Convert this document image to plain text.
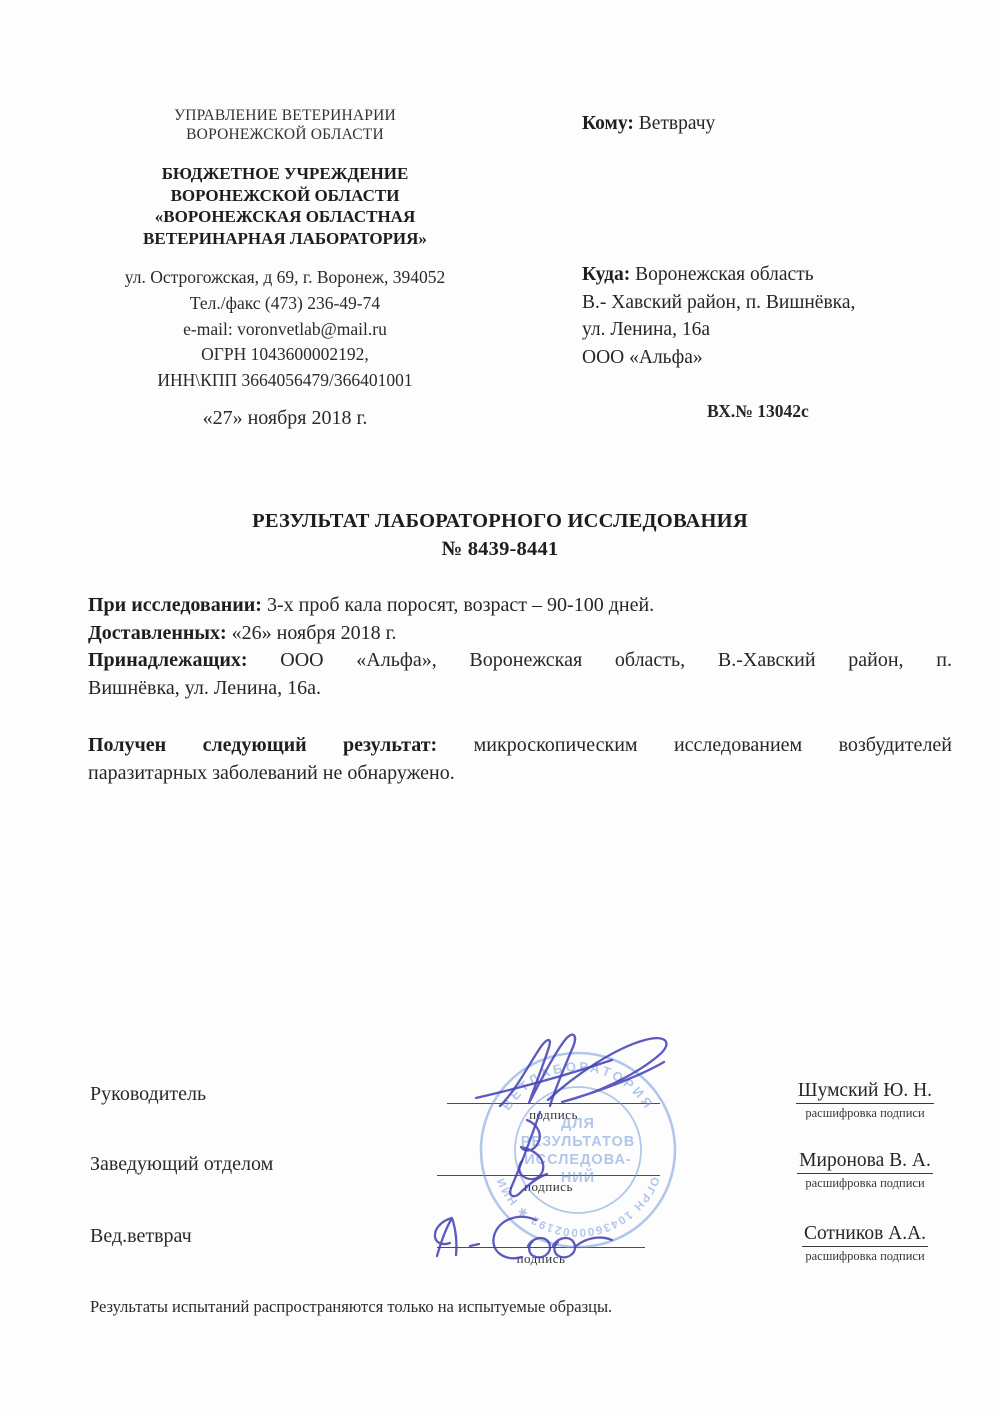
УПРАВЛЕНИЕ ВЕТЕРИНАРИИ
ВОРОНЕЖСКОЙ ОБЛАСТИ
БЮДЖЕТНОЕ УЧРЕЖДЕНИЕ
ВОРОНЕЖСКОЙ ОБЛАСТИ
«ВОРОНЕЖСКАЯ ОБЛАСТНАЯ
ВЕТЕРИНАРНАЯ ЛАБОРАТОРИЯ»
ул. Острогожская, д 69, г. Воронеж, 394052
Тел./факс (473) 236-49-74
e-mail: voronvetlab@mail.ru
ОГРН 1043600002192,
ИНН\КПП 3664056479/366401001
«27» ноября 2018 г.
Кому: Ветврачу
Куда: Воронежская область
В.- Хавский район, п. Вишнёвка,
ул. Ленина, 16а
ООО «Альфа»
ВХ.№ 13042с
РЕЗУЛЬТАТ ЛАБОРАТОРНОГО ИССЛЕДОВАНИЯ
№ 8439-8441
При исследовании: 3-х проб кала поросят, возраст – 90-100 дней.
Доставленных: «26» ноября 2018 г.
Принадлежащих: ООО «Альфа», Воронежская область, В.-Хавский район, п.
Вишнёвка, ул. Ленина, 16а.
Получен следующий результат: микроскопическим исследованием возбудителей
паразитарных заболеваний не обнаружено.
Руководитель
Заведующий отделом
Вед.ветврач
подпись
подпись
подпись
Шумский Ю. Н.
расшифровка подписи
Миронова В. А.
расшифровка подписи
Сотников А.А.
расшифровка подписи
Результаты испытаний распространяются только на испытуемые образцы.
ВЕТЛАБОРАТОРИЯ
ОГРН 1043600002192 ✱ НИИ
ДЛЯ
РЕЗУЛЬТАТОВ
ИССЛЕДОВА-
НИЙ
